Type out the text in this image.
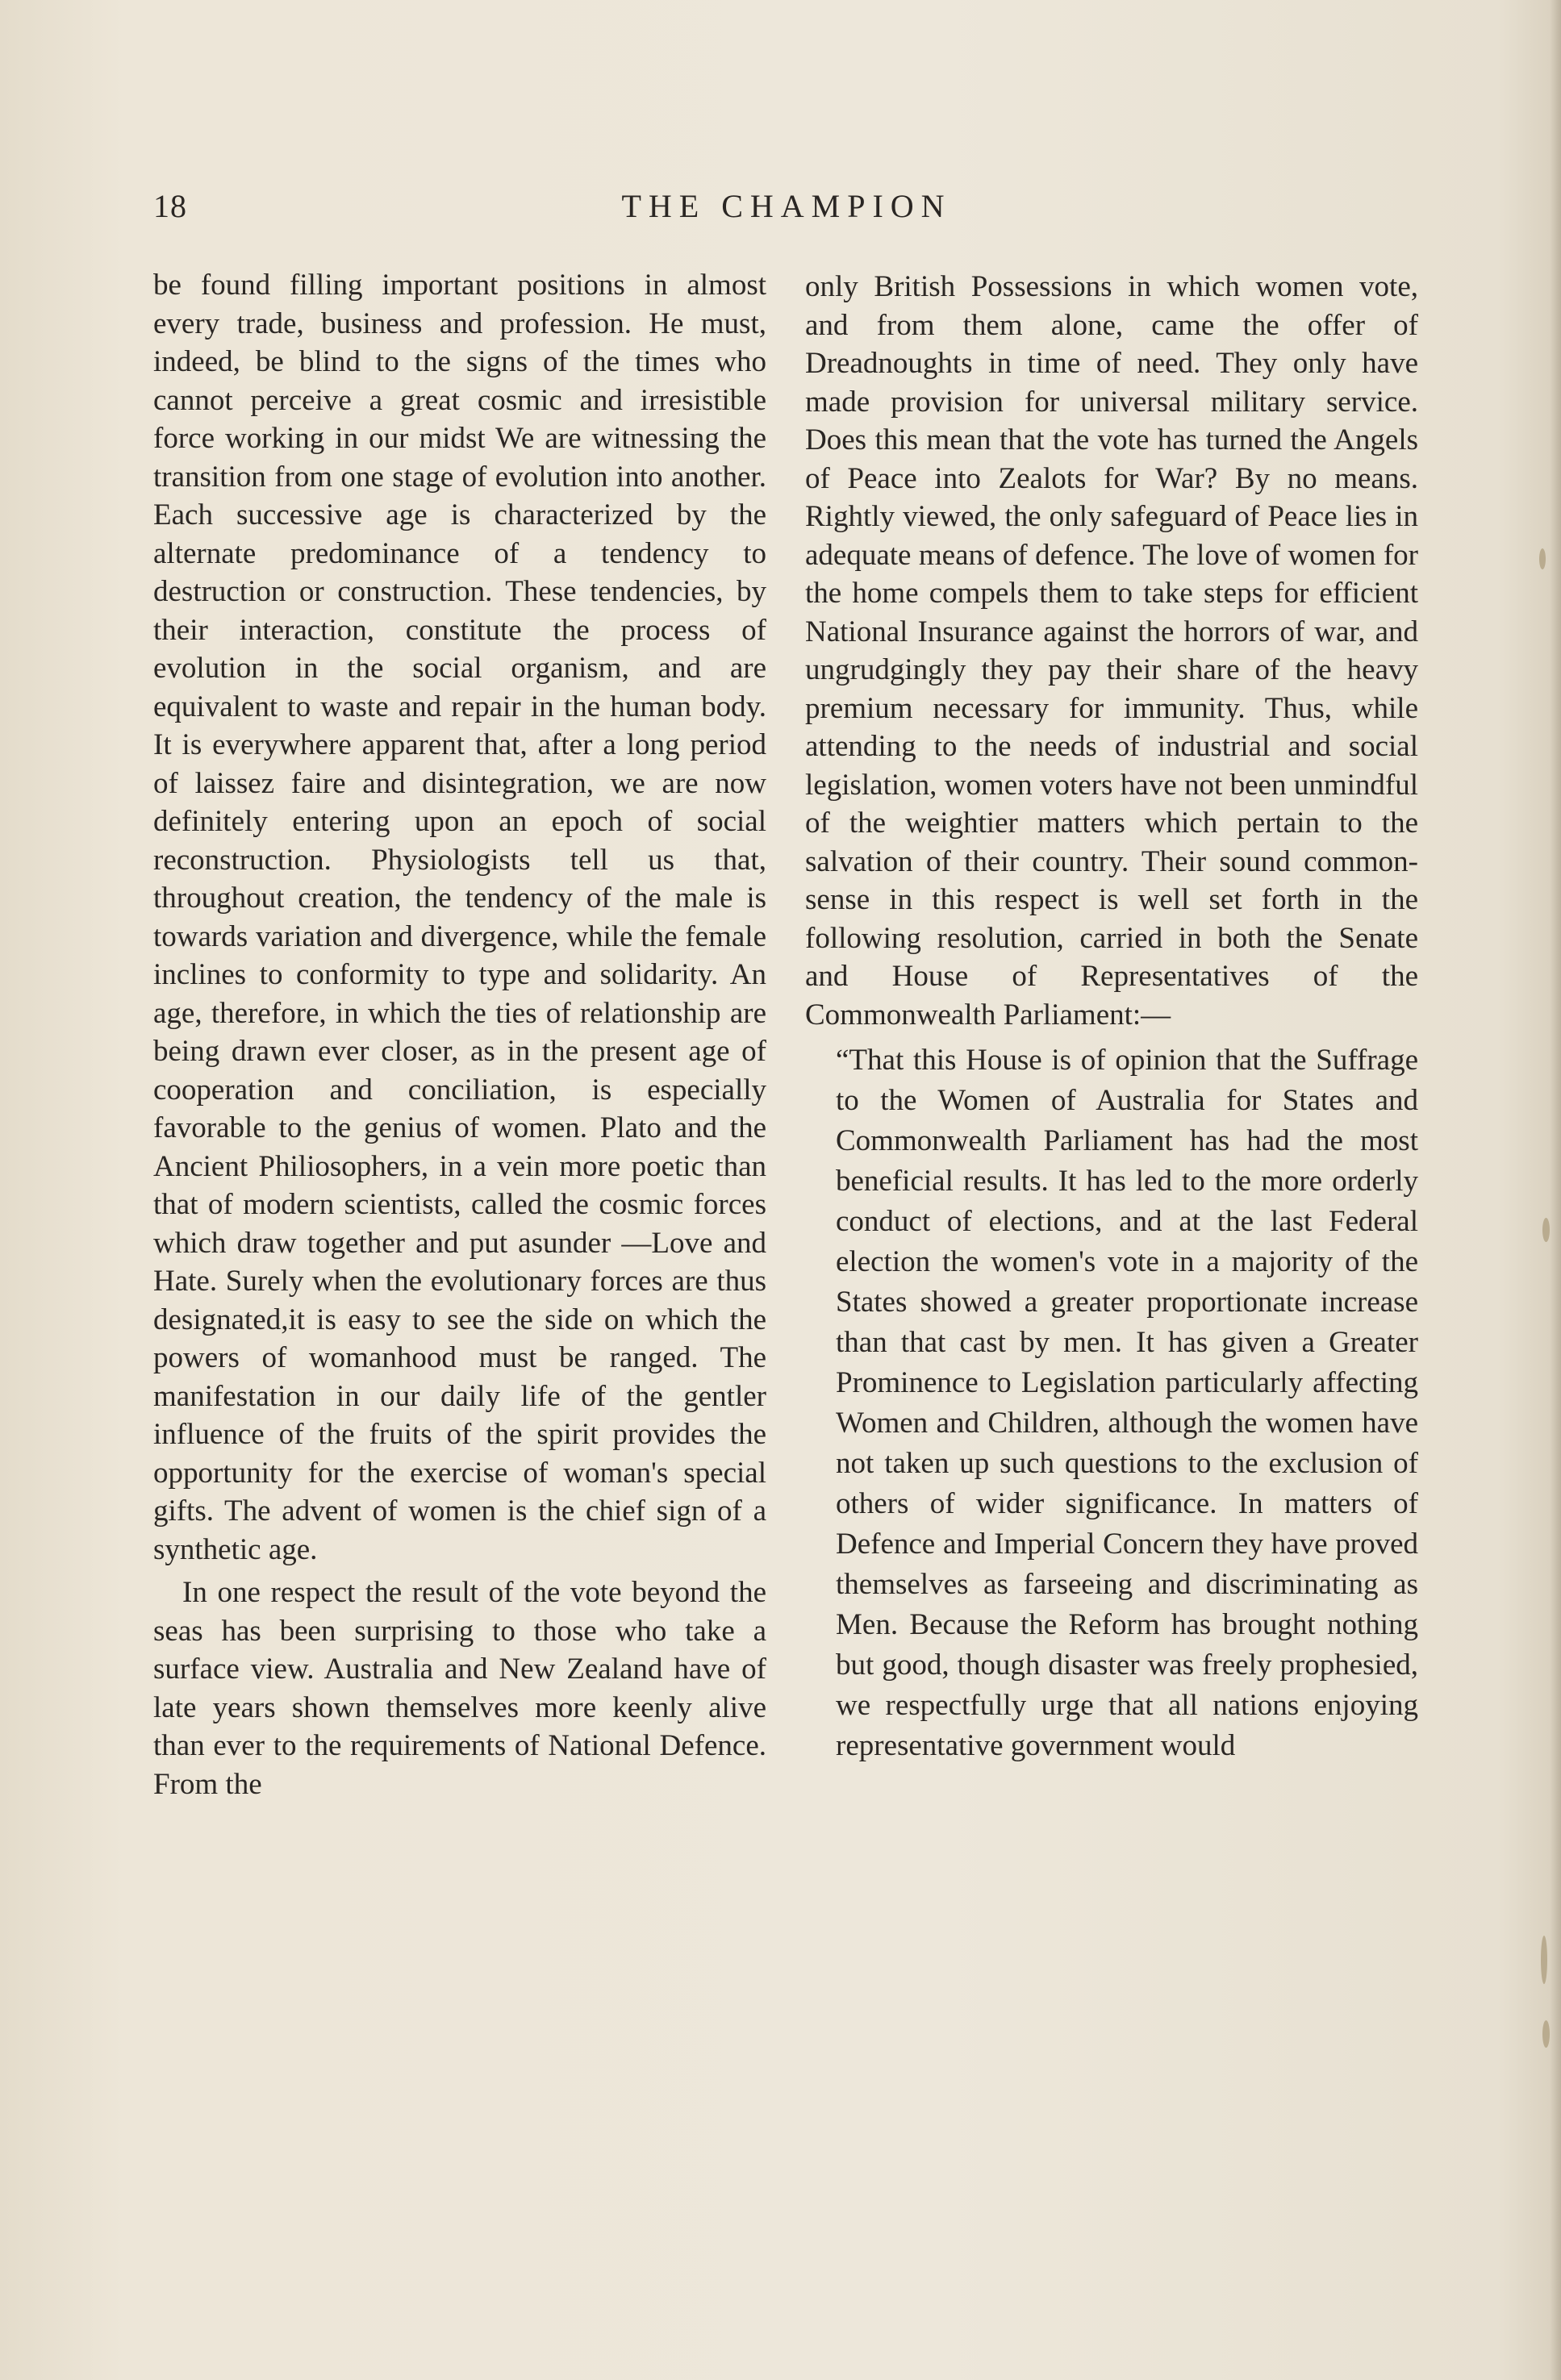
18	THE CHAMPION

be found filling important positions in almost every trade, business and profession. He must, indeed, be blind to the signs of the times who cannot perceive a great cosmic and irresistible force working in our midst We are witnessing the transition from one stage of evolution into another. Each successive age is characterized by the alternate predominance of a tendency to destruction or construction. These tendencies, by their interaction, constitute the process of evolution in the social organism, and are equivalent to waste and repair in the human body. It is everywhere apparent that, after a long period of laissez faire and disintegration, we are now definitely entering upon an epoch of social reconstruction. Physiologists tell us that, throughout creation, the tendency of the male is towards variation and divergence, while the female inclines to conformity to type and solidarity. An age, therefore, in which the ties of relationship are being drawn ever closer, as in the present age of cooperation and conciliation, is especially favorable to the genius of women. Plato and the Ancient Philiosophers, in a vein more poetic than that of modern scientists, called the cosmic forces which draw together and put asunder —Love and Hate. Surely when the evolutionary forces are thus designated,it is easy to see the side on which the powers of womanhood must be ranged. The manifestation in our daily life of the gentler influence of the fruits of the spirit provides the opportunity for the exercise of woman's special gifts. The advent of women is the chief sign of a synthetic age.

In one respect the result of the vote beyond the seas has been surprising to those who take a surface view. Australia and New Zealand have of late years shown themselves more keenly alive than ever to the requirements of National Defence. From the

only British Possessions in which women vote, and from them alone, came the offer of Dreadnoughts in time of need. They only have made provision for universal military service. Does this mean that the vote has turned the Angels of Peace into Zealots for War? By no means. Rightly viewed, the only safeguard of Peace lies in adequate means of defence. The love of women for the home compels them to take steps for efficient National Insurance against the horrors of war, and ungrudgingly they pay their share of the heavy premium necessary for immunity. Thus, while attending to the needs of industrial and social legislation, women voters have not been unmindful of the weightier matters which pertain to the salvation of their country. Their sound common-sense in this respect is well set forth in the following resolution, carried in both the Senate and House of Representatives of the Commonwealth Parliament:—

“That this House is of opinion that the Suffrage to the Women of Australia for States and Commonwealth Parliament has had the most beneficial results. It has led to the more orderly conduct of elections, and at the last Federal election the women's vote in a majority of the States showed a greater proportionate increase than that cast by men. It has given a Greater Prominence to Legislation particularly affecting Women and Children, although the women have not taken up such questions to the exclusion of others of wider significance. In matters of Defence and Imperial Concern they have proved themselves as farseeing and discriminating as Men. Because the Reform has brought nothing but good, though disaster was freely prophesied, we respectfully urge that all nations enjoying representative government would
